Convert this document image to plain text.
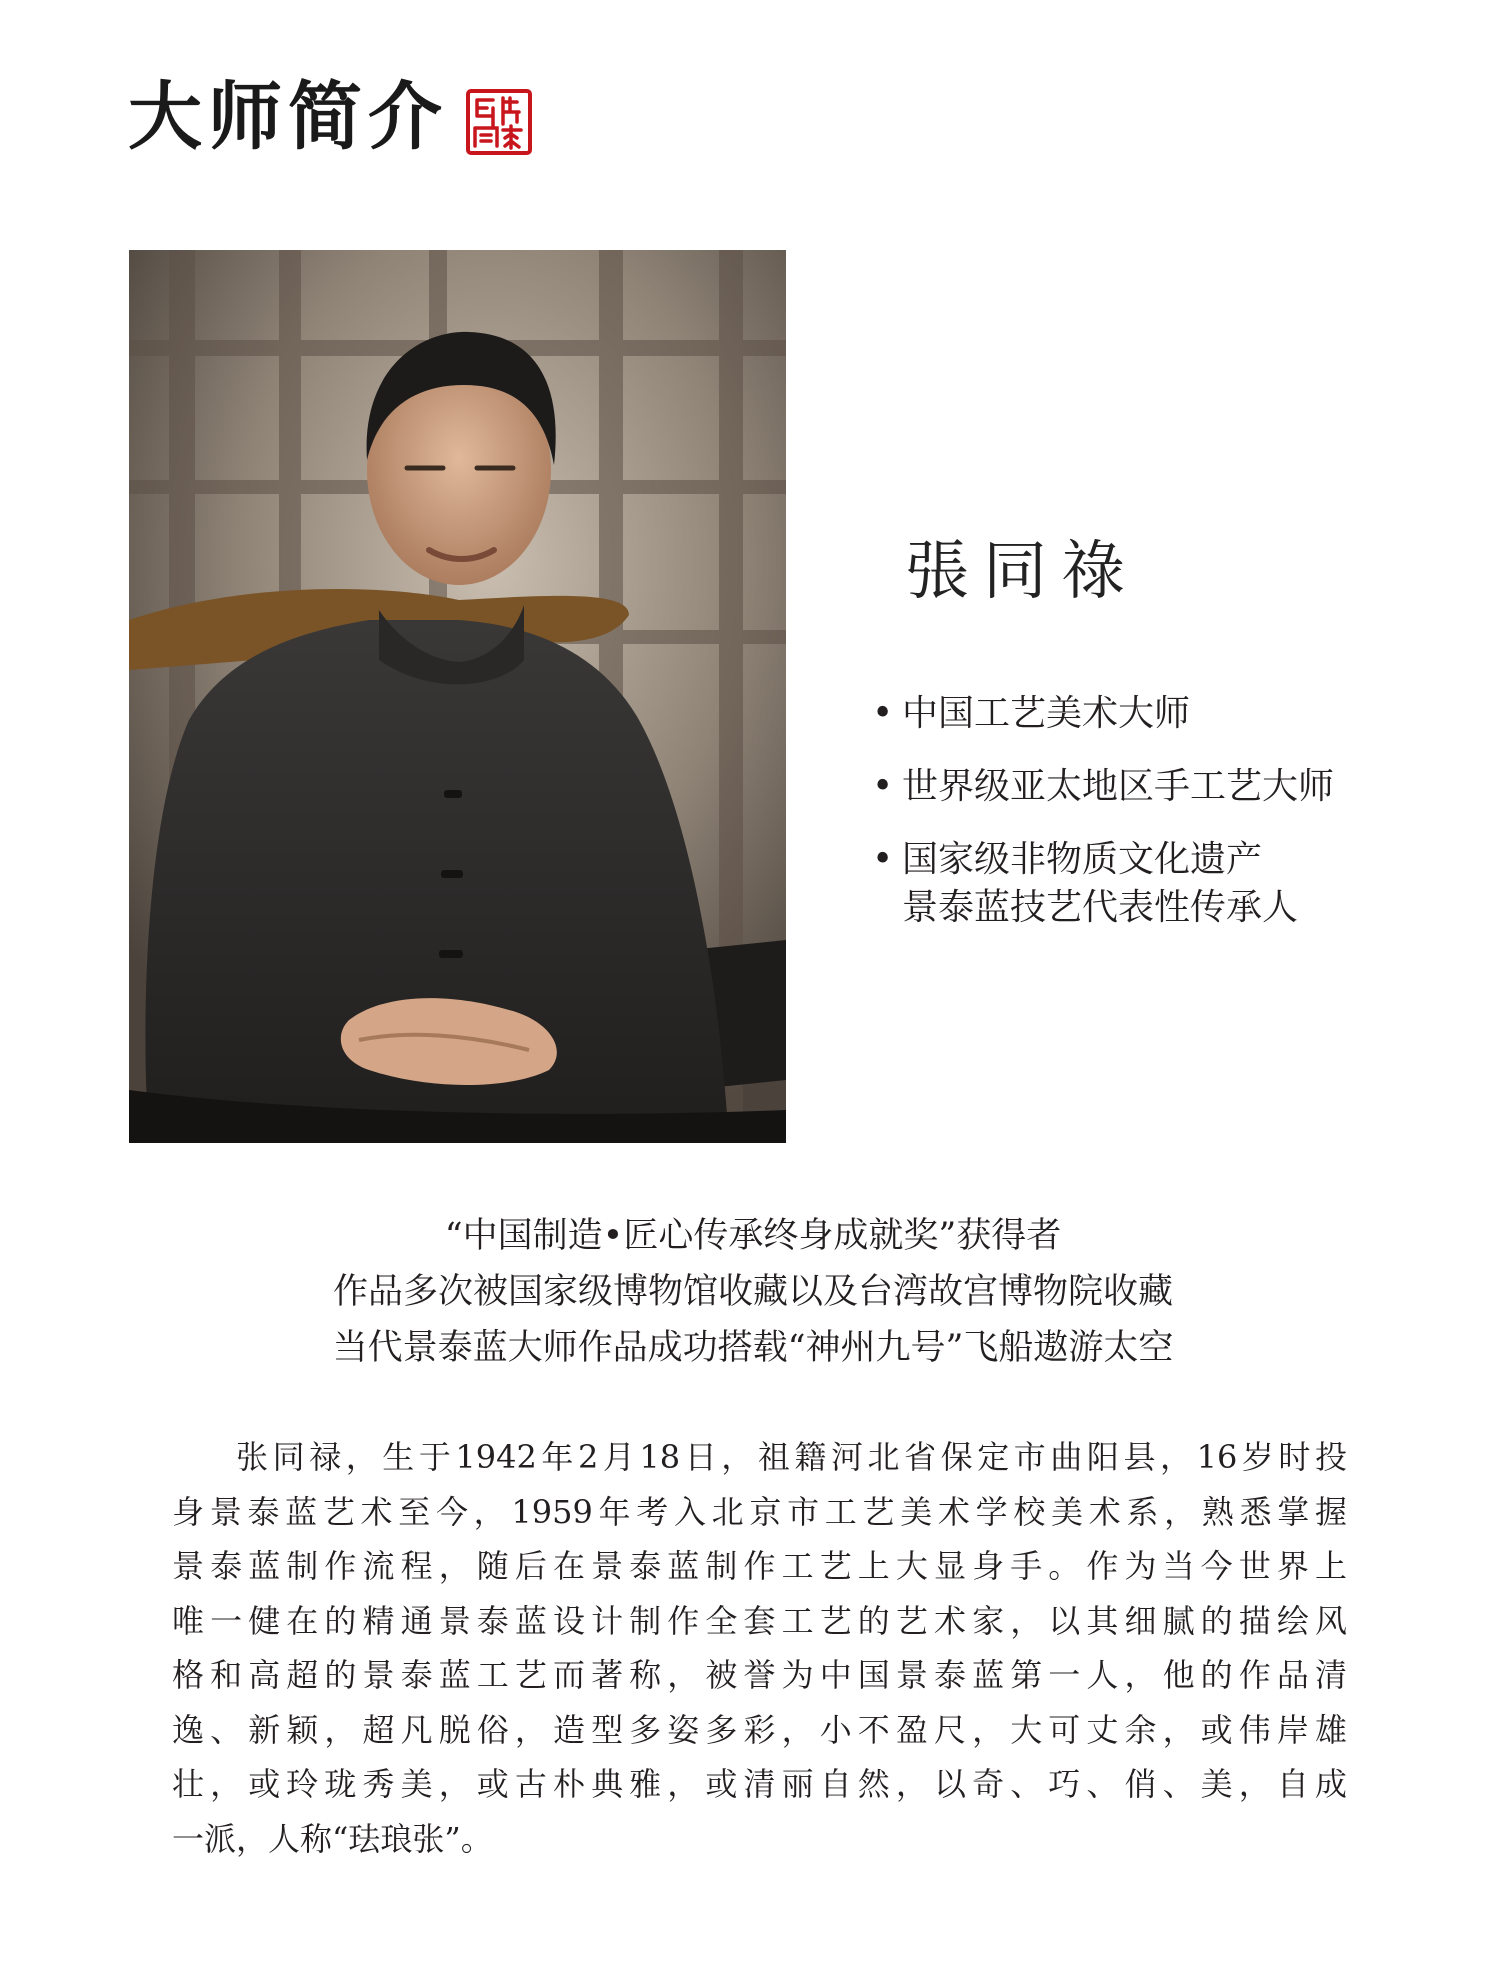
大师简介
張同祿
• 中国工艺美术大师
• 世界级亚太地区手工艺大师
• 国家级非物质文化遗产
景泰蓝技艺代表性传承人
“中国制造•匠心传承终身成就奖”获得者
作品多次被国家级博物馆收藏以及台湾故宫博物院收藏
当代景泰蓝大师作品成功搭载“神州九号”飞船遨游太空
张同禄，生于1942年2月18日，祖籍河北省保定市曲阳县，16岁时投
身景泰蓝艺术至今，1959年考入北京市工艺美术学校美术系，熟悉掌握
景泰蓝制作流程，随后在景泰蓝制作工艺上大显身手。作为当今世界上
唯一健在的精通景泰蓝设计制作全套工艺的艺术家，以其细腻的描绘风
格和高超的景泰蓝工艺而著称，被誉为中国景泰蓝第一人，他的作品清
逸、新颖，超凡脱俗，造型多姿多彩，小不盈尺，大可丈余，或伟岸雄
壮，或玲珑秀美，或古朴典雅，或清丽自然，以奇、巧、俏、美，自成
一派，人称“珐琅张”。
